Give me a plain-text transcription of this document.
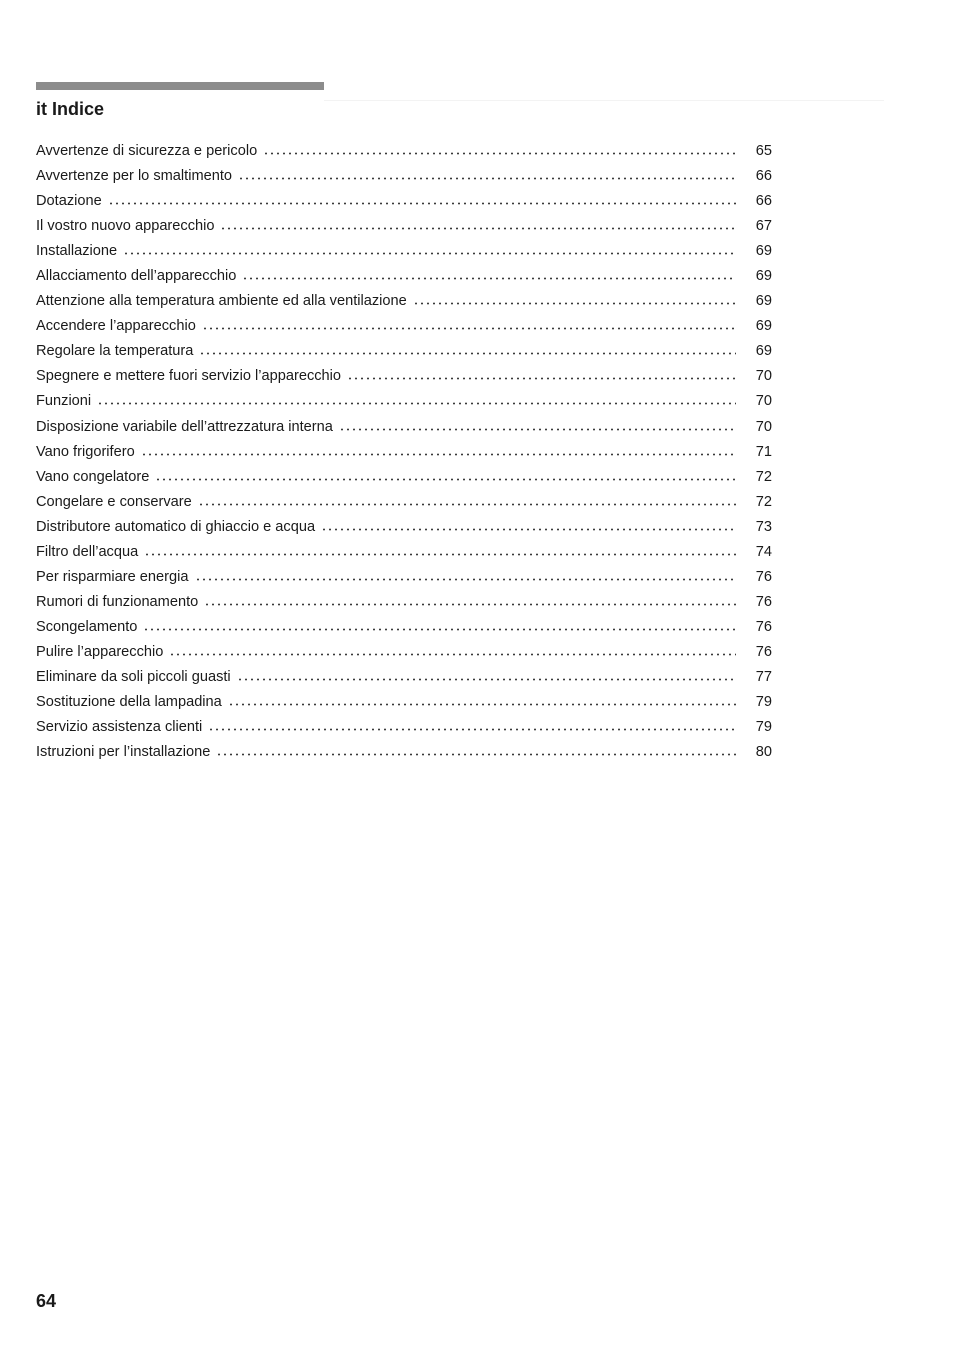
it Indice
Avvertenze di sicurezza e pericolo	65
Avvertenze per lo smaltimento	66
Dotazione	66
Il vostro nuovo apparecchio	67
Installazione	69
Allacciamento dell’apparecchio	69
Attenzione alla temperatura ambiente ed alla ventilazione	69
Accendere l’apparecchio	69
Regolare la temperatura	69
Spegnere e mettere fuori servizio l’apparecchio	70
Funzioni	70
Disposizione variabile dell’attrezzatura interna	70
Vano frigorifero	71
Vano congelatore	72
Congelare e conservare	72
Distributore automatico di ghiaccio e acqua	73
Filtro dell’acqua	74
Per risparmiare energia	76
Rumori di funzionamento	76
Scongelamento	76
Pulire l’apparecchio	76
Eliminare da soli piccoli guasti	77
Sostituzione della lampadina	79
Servizio assistenza clienti	79
Istruzioni per l’installazione	80
64
